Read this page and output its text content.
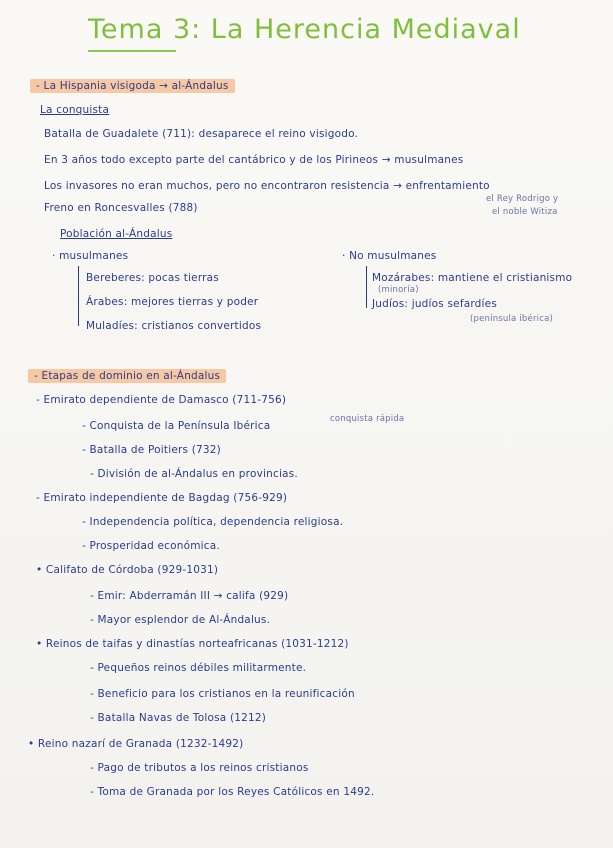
Tema 3: La Herencia Mediaval
- La Hispania visigoda → al-Ándalus
La conquista
Batalla de Guadalete (711): desaparece el reino visigodo.
En 3 años todo excepto parte del cantábrico y de los Pirineos → musulmanes
Los invasores no eran muchos, pero no encontraron resistencia → enfrentamiento
el Rey Rodrigo y
el noble Witiza
Freno en Roncesvalles (788)
Población al-Ándalus
· musulmanes
Bereberes: pocas tierras
Árabes: mejores tierras y poder
Muladíes: cristianos convertidos
· No musulmanes
Mozárabes: mantiene el cristianismo
(minoría)
Judíos: judíos sefardíes
(península ibérica)
- Etapas de dominio en al-Ándalus
- Emirato dependiente de Damasco (711-756)
- Conquista de la Península Ibérica
conquista rápida
- Batalla de Poitiers (732)
- División de al-Ándalus en provincias.
- Emirato independiente de Bagdag (756-929)
- Independencia política, dependencia religiosa.
- Prosperidad económica.
• Califato de Córdoba (929-1031)
- Emir: Abderramán III → califa (929)
- Mayor esplendor de Al-Ándalus.
• Reinos de taifas y dinastías norteafricanas (1031-1212)
- Pequeños reinos débiles militarmente.
- Beneficio para los cristianos en la reunificación
- Batalla Navas de Tolosa (1212)
• Reino nazarí de Granada (1232-1492)
- Pago de tributos a los reinos cristianos
- Toma de Granada por los Reyes Católicos en 1492.
